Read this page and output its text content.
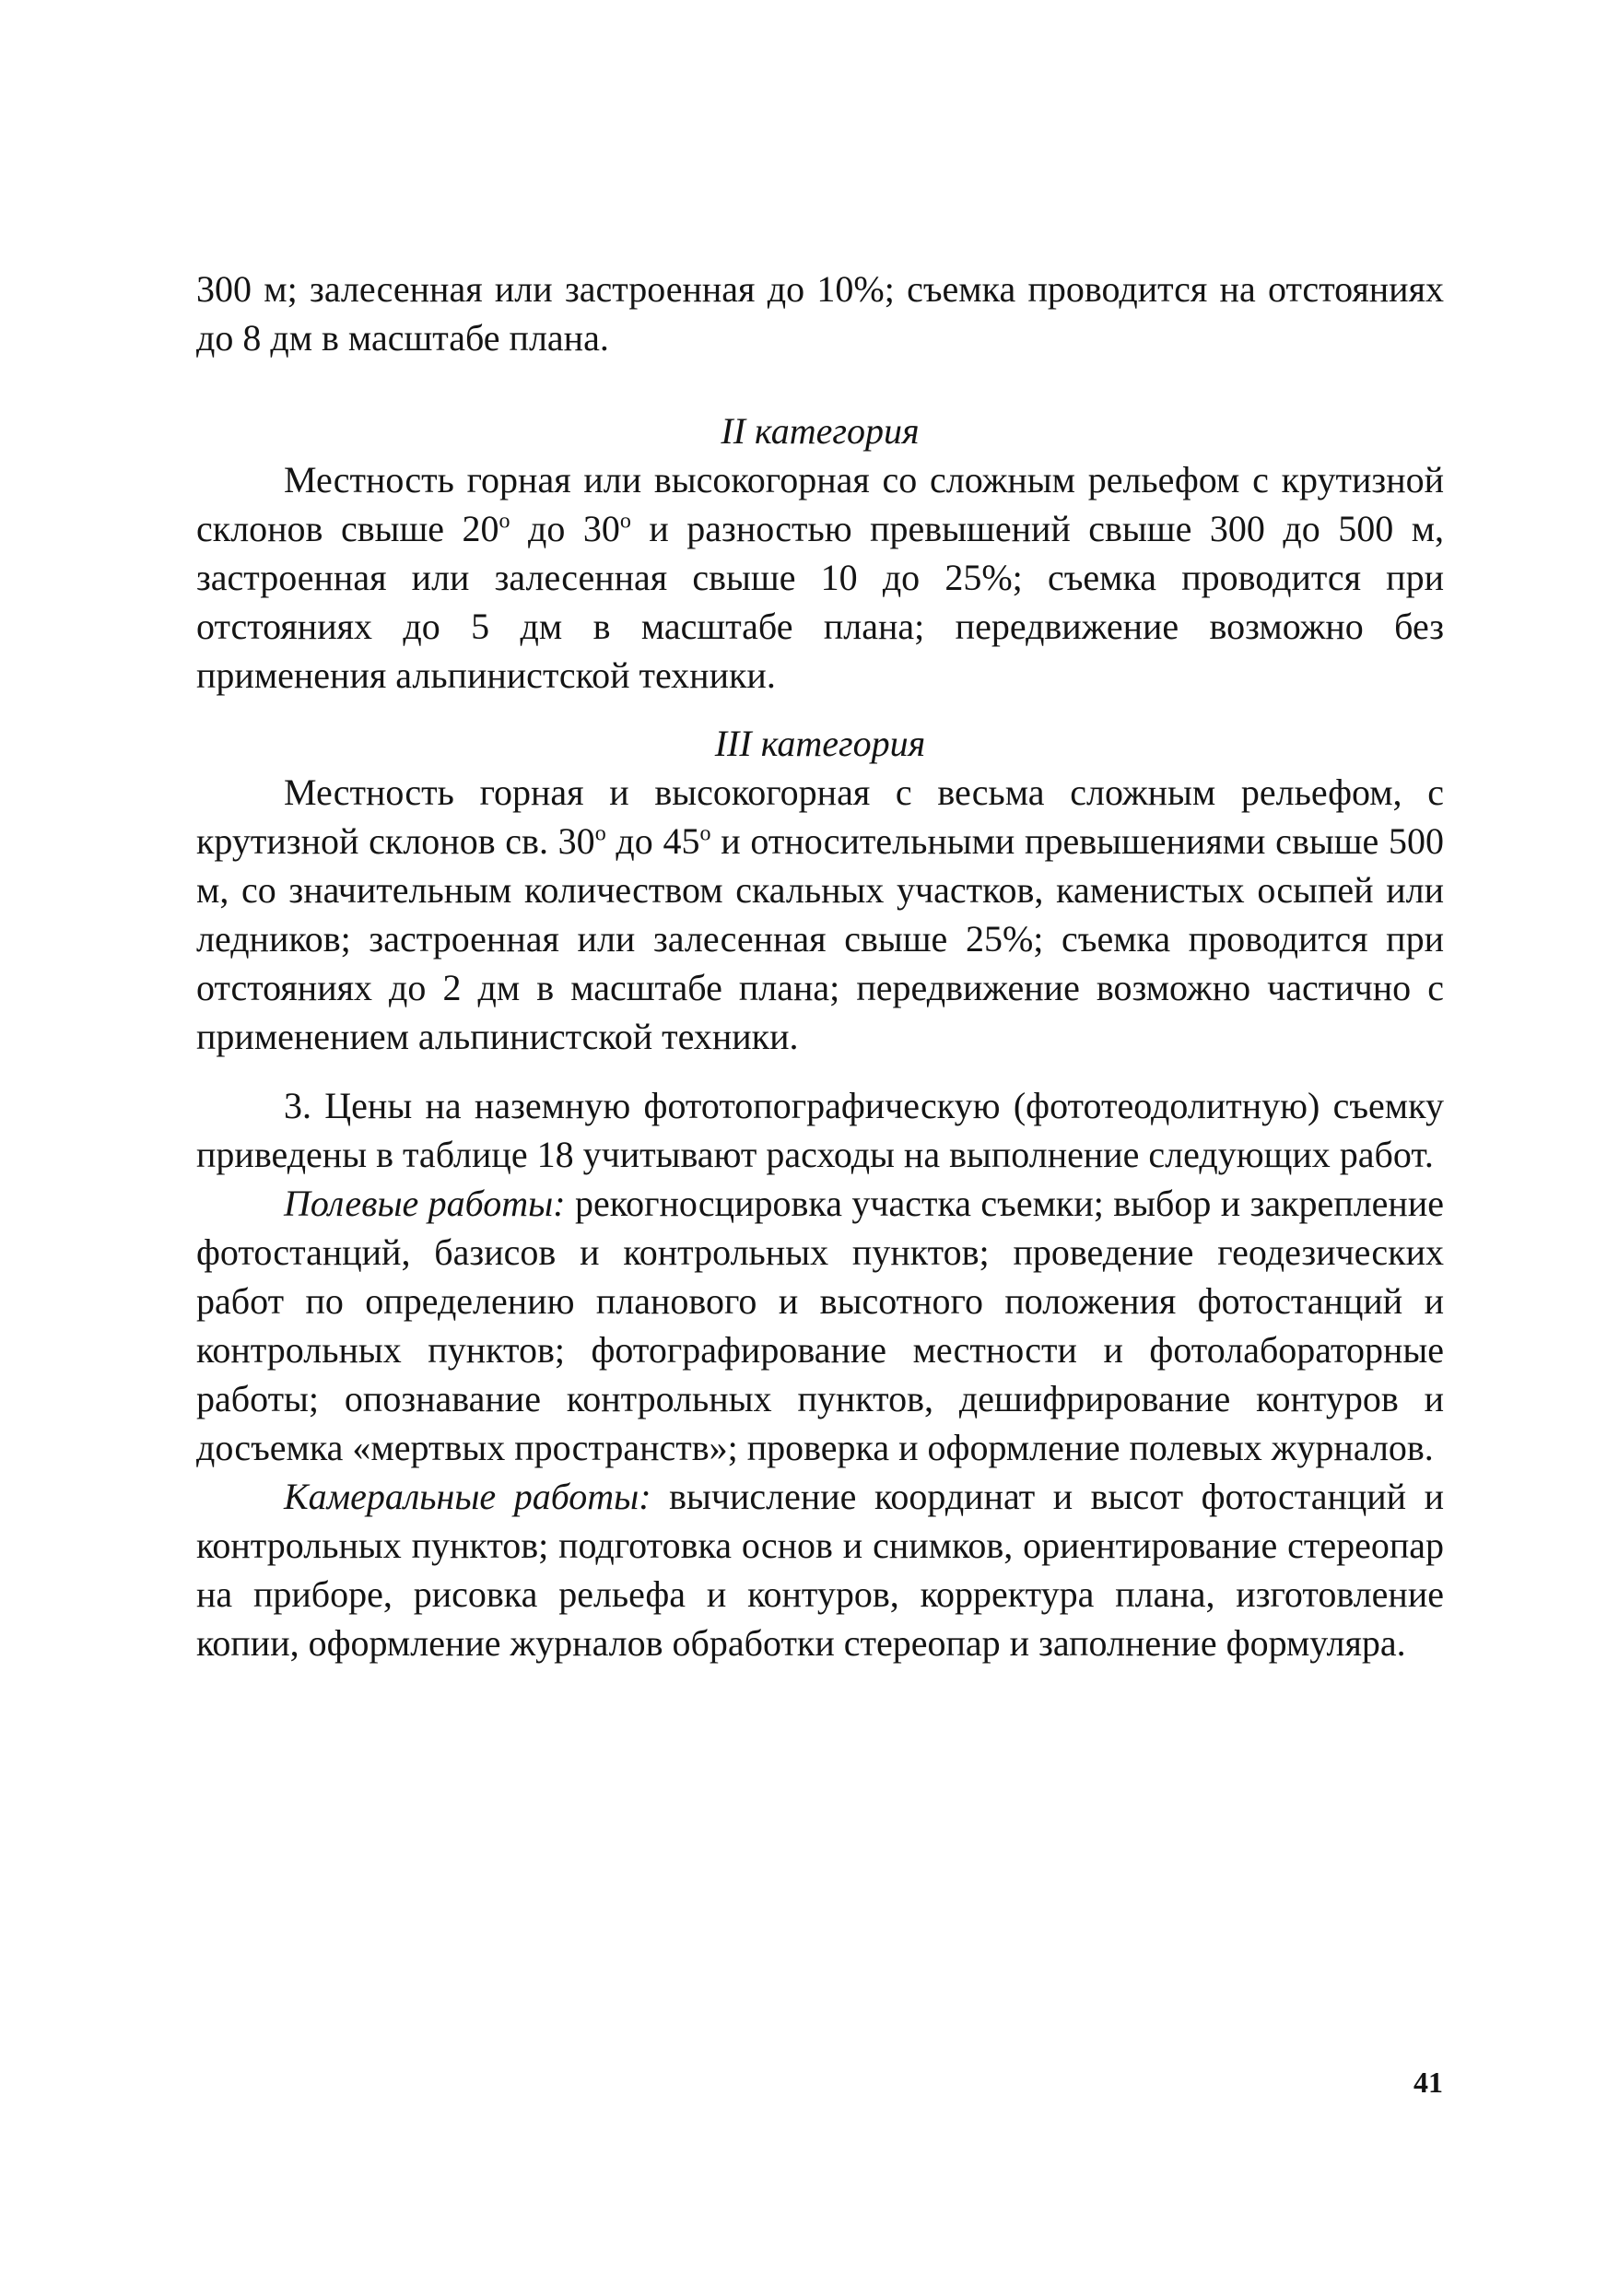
300 м; залесенная или застроенная до 10%; съемка проводится на отстояниях до 8 дм в масштабе плана.

II категория

Местность горная или высокогорная со сложным рельефом с крутизной склонов свыше $20^о$ до $30^о$ и разностью превышений свыше 300 до 500 м, застроенная или залесенная свыше 10 до 25%; съемка проводится при отстояниях до 5 дм в масштабе плана; передвижение возможно без применения альпинистской техники.

III категория

Местность горная и высокогорная с весьма сложным рельефом, с крутизной склонов св. $30^о$ до $45^о$ и относительными превышениями свыше 500 м, со значительным количеством скальных участков, каменистых осыпей или ледников; застроенная или залесенная свыше 25%; съемка проводится при отстояниях до 2 дм в масштабе плана; передвижение возможно частично с применением альпинистской техники.

3. Цены на наземную фототопографическую (фототеодолитную) съемку приведены в таблице 18 учитывают расходы на выполнение следующих работ.

Полевые работы: рекогносцировка участка съемки; выбор и закрепление фотостанций, базисов и контрольных пунктов; проведение геодезических работ по определению планового и высотного положения фотостанций и контрольных пунктов; фотографирование местности и фотолабораторные работы; опознавание контрольных пунктов, дешифрирование контуров и досъемка «мертвых пространств»; проверка и оформление полевых журналов.

Камеральные работы: вычисление координат и высот фотостанций и контрольных пунктов; подготовка основ и снимков, ориентирование стереопар на приборе, рисовка рельефа и контуров, корректура плана, изготовление копии, оформление журналов обработки стереопар и заполнение формуляра.

41
